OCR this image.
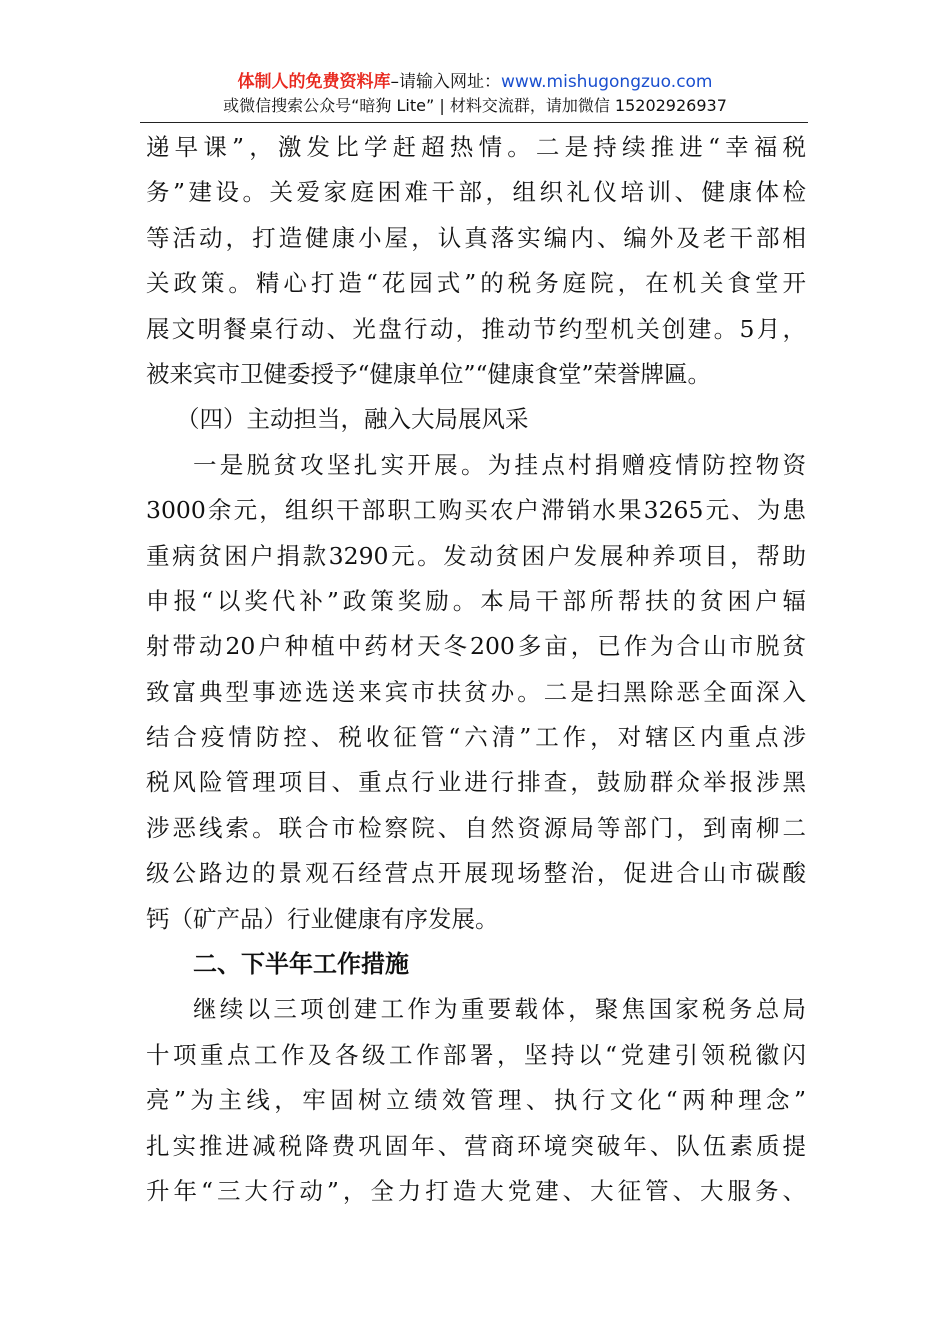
体制人的免费资料库–请输入网址：www.mishugongzuo.com
或微信搜索公众号“暗狗 Lite” | 材料交流群，请加微信 15202926937
递早课”，激发比学赶超热情。二是持续推进“幸福税
务”建设。关爱家庭困难干部，组织礼仪培训、健康体检
等活动，打造健康小屋，认真落实编内、编外及老干部相
关政策。精心打造“花园式”的税务庭院，在机关食堂开
展文明餐桌行动、光盘行动，推动节约型机关创建。5月，
被来宾市卫健委授予“健康单位”“健康食堂”荣誉牌匾。
（四）主动担当，融入大局展风采
一是脱贫攻坚扎实开展。为挂点村捐赠疫情防控物资
3000余元，组织干部职工购买农户滞销水果3265元、为患
重病贫困户捐款3290元。发动贫困户发展种养项目，帮助
申报“以奖代补”政策奖励。本局干部所帮扶的贫困户辐
射带动20户种植中药材天冬200多亩，已作为合山市脱贫
致富典型事迹选送来宾市扶贫办。二是扫黑除恶全面深入
结合疫情防控、税收征管“六清”工作，对辖区内重点涉
税风险管理项目、重点行业进行排查，鼓励群众举报涉黑
涉恶线索。联合市检察院、自然资源局等部门，到南柳二
级公路边的景观石经营点开展现场整治，促进合山市碳酸
钙（矿产品）行业健康有序发展。
二、下半年工作措施
继续以三项创建工作为重要载体，聚焦国家税务总局
十项重点工作及各级工作部署，坚持以“党建引领税徽闪
亮”为主线，牢固树立绩效管理、执行文化“两种理念”
扎实推进减税降费巩固年、营商环境突破年、队伍素质提
升年“三大行动”，全力打造大党建、大征管、大服务、
